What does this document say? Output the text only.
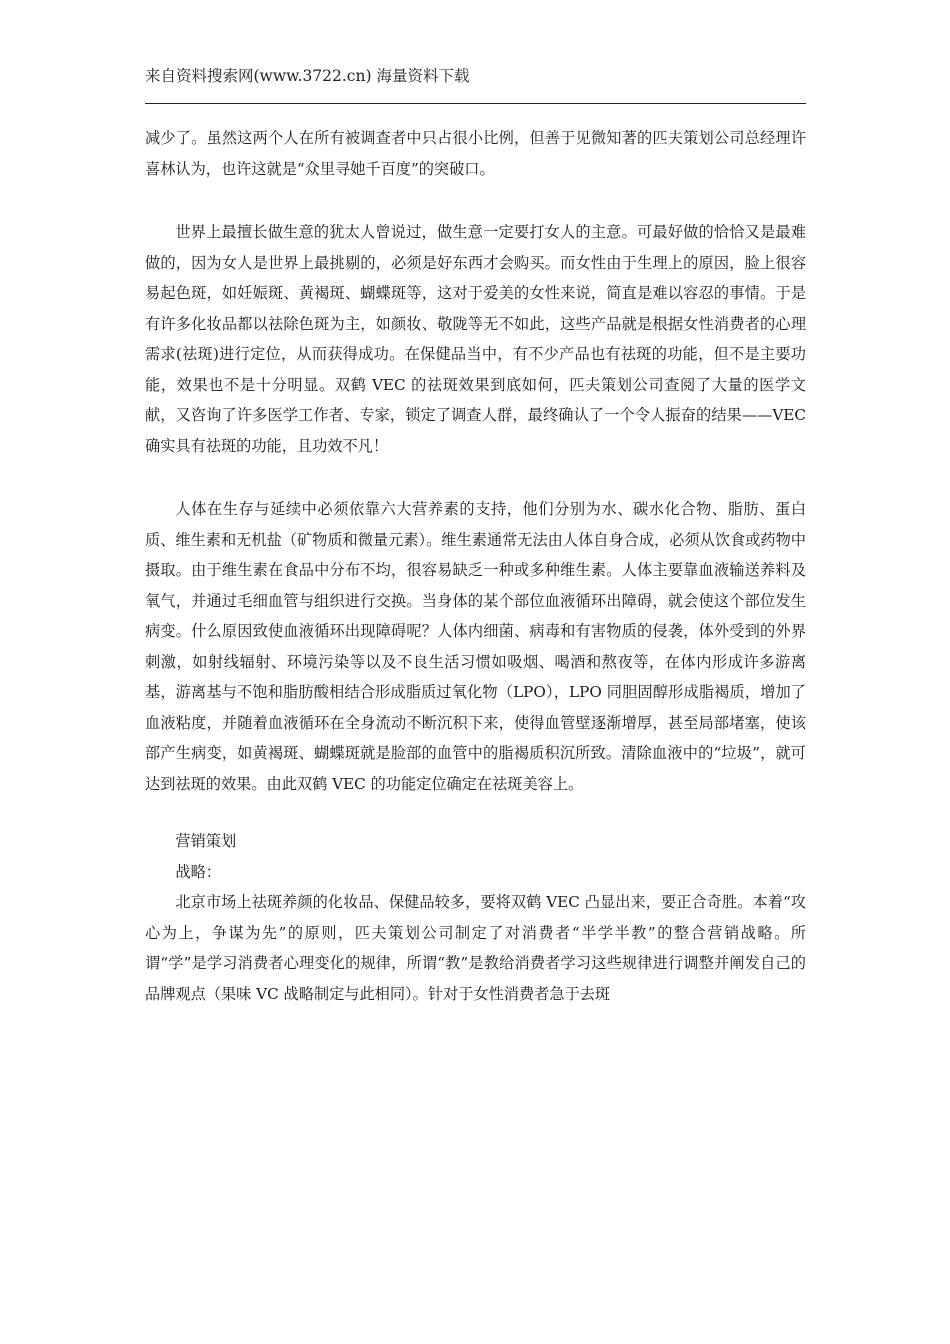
来自资料搜索网(www.3722.cn) 海量资料下载

减少了。虽然这两个人在所有被调查者中只占很小比例，但善于见微知著的匹夫策划公司总经理许喜林认为，也许这就是“众里寻她千百度”的突破口。

世界上最擅长做生意的犹太人曾说过，做生意一定要打女人的主意。可最好做的恰恰又是最难做的，因为女人是世界上最挑剔的，必须是好东西才会购买。而女性由于生理上的原因，脸上很容易起色斑，如妊娠斑、黄褐斑、蝴蝶斑等，这对于爱美的女性来说，简直是难以容忍的事情。于是有许多化妆品都以祛除色斑为主，如颜妆、敬陇等无不如此，这些产品就是根据女性消费者的心理需求(祛斑)进行定位，从而获得成功。在保健品当中，有不少产品也有祛斑的功能，但不是主要功能，效果也不是十分明显。双鹤 VEC 的祛斑效果到底如何，匹夫策划公司查阅了大量的医学文献，又咨询了许多医学工作者、专家，锁定了调查人群，最终确认了一个令人振奋的结果——VEC 确实具有祛斑的功能，且功效不凡！

人体在生存与延续中必须依靠六大营养素的支持，他们分别为水、碳水化合物、脂肪、蛋白质、维生素和无机盐（矿物质和微量元素）。维生素通常无法由人体自身合成，必须从饮食或药物中摄取。由于维生素在食品中分布不均，很容易缺乏一种或多种维生素。人体主要靠血液输送养料及氧气，并通过毛细血管与组织进行交换。当身体的某个部位血液循环出障碍，就会使这个部位发生病变。什么原因致使血液循环出现障碍呢？人体内细菌、病毒和有害物质的侵袭，体外受到的外界刺激，如射线辐射、环境污染等以及不良生活习惯如吸烟、喝酒和熬夜等，在体内形成许多游离基，游离基与不饱和脂肪酸相结合形成脂质过氧化物（LPO），LPO 同胆固醇形成脂褐质，增加了血液粘度，并随着血液循环在全身流动不断沉积下来，使得血管壁逐渐增厚，甚至局部堵塞，使该部产生病变，如黄褐斑、蝴蝶斑就是脸部的血管中的脂褐质积沉所致。清除血液中的“垃圾”，就可达到祛斑的效果。由此双鹤 VEC 的功能定位确定在祛斑美容上。

营销策划

战略：

北京市场上祛斑养颜的化妆品、保健品较多，要将双鹤 VEC 凸显出来，要正合奇胜。本着“攻心为上，争谋为先”的原则，匹夫策划公司制定了对消费者“半学半教”的整合营销战略。所谓“学”是学习消费者心理变化的规律，所谓“教”是教给消费者学习这些规律进行调整并阐发自己的品牌观点（果味 VC 战略制定与此相同）。针对于女性消费者急于去斑
